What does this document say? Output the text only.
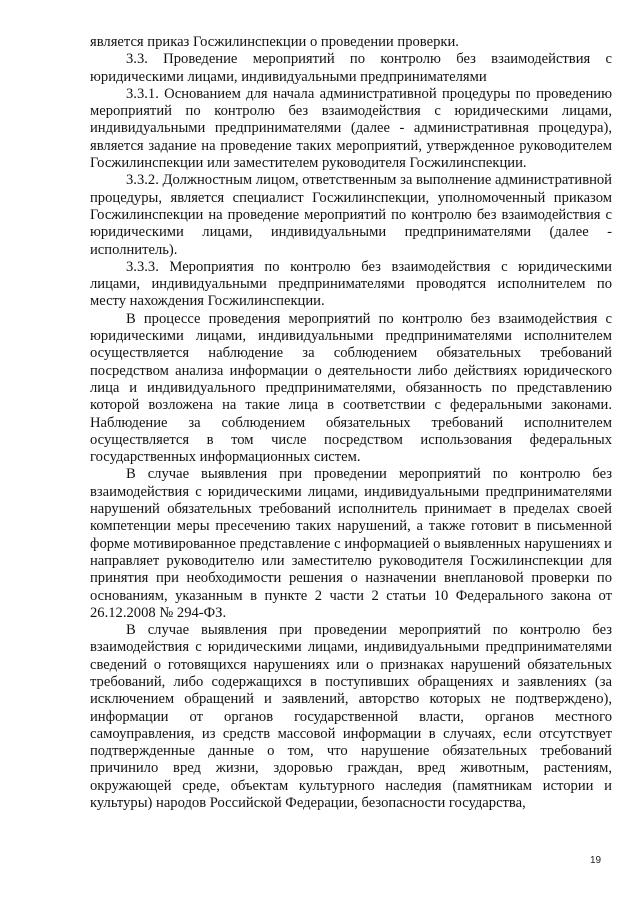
является приказ Госжилинспекции о проведении проверки.

3.3. Проведение мероприятий по контролю без взаимодействия с юридическими лицами, индивидуальными предпринимателями

3.3.1. Основанием для начала административной процедуры по проведению мероприятий по контролю без взаимодействия с юридическими лицами, индивидуальными предпринимателями (далее - административная процедура), является задание на проведение таких мероприятий, утвержденное руководителем Госжилинспекции или заместителем руководителя Госжилинспекции.

3.3.2. Должностным лицом, ответственным за выполнение административной процедуры, является специалист Госжилинспекции, уполномоченный приказом Госжилинспекции на проведение мероприятий по контролю без взаимодействия с юридическими лицами, индивидуальными предпринимателями (далее - исполнитель).

3.3.3. Мероприятия по контролю без взаимодействия с юридическими лицами, индивидуальными предпринимателями проводятся исполнителем по месту нахождения Госжилинспекции.

В процессе проведения мероприятий по контролю без взаимодействия с юридическими лицами, индивидуальными предпринимателями исполнителем осуществляется наблюдение за соблюдением обязательных требований посредством анализа информации о деятельности либо действиях юридического лица и индивидуального предпринимателями, обязанность по представлению которой возложена на такие лица в соответствии с федеральными законами. Наблюдение за соблюдением обязательных требований исполнителем осуществляется в том числе посредством использования федеральных государственных информационных систем.

В случае выявления при проведении мероприятий по контролю без взаимодействия с юридическими лицами, индивидуальными предпринимателями нарушений обязательных требований исполнитель принимает в пределах своей компетенции меры пресечению таких нарушений, а также готовит в письменной форме мотивированное представление с информацией о выявленных нарушениях и направляет руководителю или заместителю руководителя Госжилинспекции для принятия при необходимости решения о назначении внеплановой проверки по основаниям, указанным в пункте 2 части 2 статьи 10 Федерального закона от 26.12.2008 № 294-ФЗ.

В случае выявления при проведении мероприятий по контролю без взаимодействия с юридическими лицами, индивидуальными предпринимателями сведений о готовящихся нарушениях или о признаках нарушений обязательных требований, либо содержащихся в поступивших обращениях и заявлениях (за исключением обращений и заявлений, авторство которых не подтверждено), информации от органов государственной власти, органов местного самоуправления, из средств массовой информации в случаях, если отсутствует подтвержденные данные о том, что нарушение обязательных требований причинило вред жизни, здоровью граждан, вред животным, растениям, окружающей среде, объектам культурного наследия (памятникам истории и культуры) народов Российской Федерации, безопасности государства,

19
